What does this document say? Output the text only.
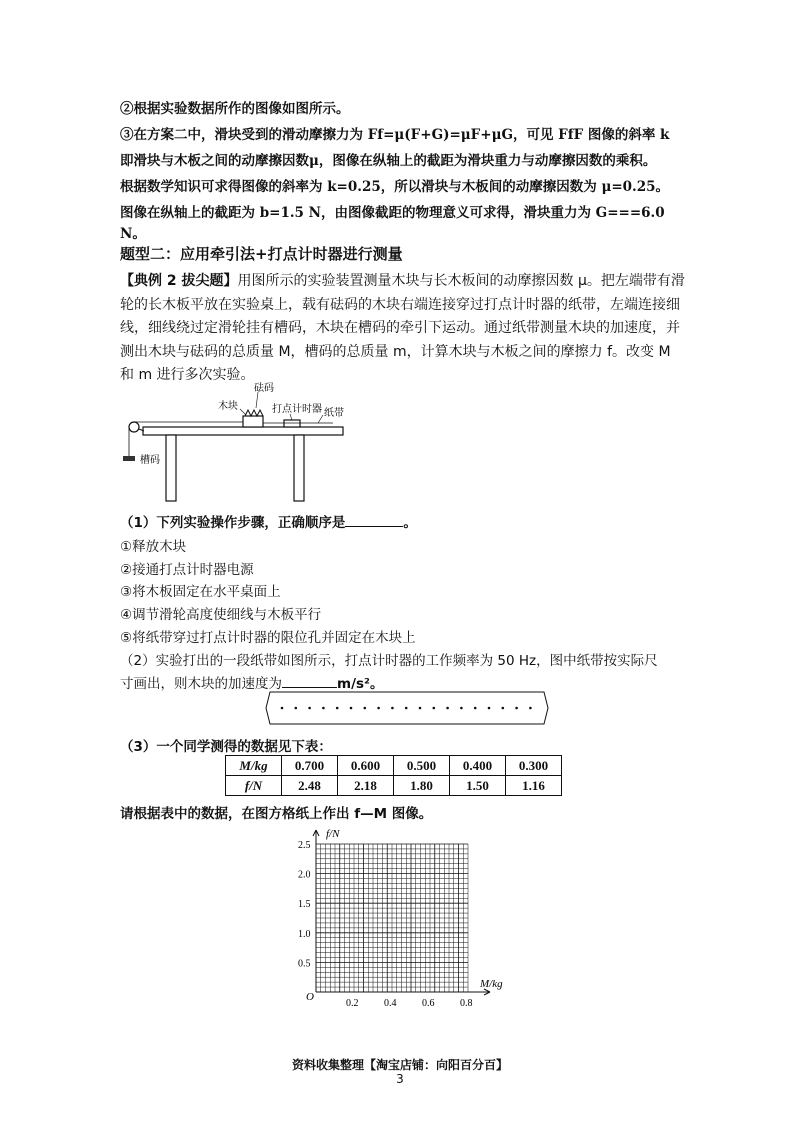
②根据实验数据所作的图像如图所示。
③在方案二中，滑块受到的滑动摩擦力为 Ff=μ(F+G)=μF+μG，可见 FfF 图像的斜率 k
即滑块与木板之间的动摩擦因数μ，图像在纵轴上的截距为滑块重力与动摩擦因数的乘积。
根据数学知识可求得图像的斜率为 k=0.25，所以滑块与木板间的动摩擦因数为 μ=0.25。
图像在纵轴上的截距为 b=1.5 N，由图像截距的物理意义可求得，滑块重力为 G===6.0
N。
题型二：应用牵引法+打点计时器进行测量
【典例 2 拔尖题】用图所示的实验装置测量木块与长木板间的动摩擦因数 μ。把左端带有滑轮的长木板平放在实验桌上，载有砝码的木块右端连接穿过打点计时器的纸带，左端连接细线，细线绕过定滑轮挂有槽码，木块在槽码的牵引下运动。通过纸带测量木块的加速度，并测出木块与砝码的总质量 M，槽码的总质量 m，计算木块与木板之间的摩擦力 f。改变 M 和 m 进行多次实验。
砝码
木块	打点计时器 纸带
槽码
（1）下列实验操作步骤，正确顺序是	。
①释放木块
②接通打点计时器电源
③将木板固定在水平桌面上
④调节滑轮高度使细线与木板平行
⑤将纸带穿过打点计时器的限位孔并固定在木块上
（2）实验打出的一段纸带如图所示，打点计时器的工作频率为 50 Hz，图中纸带按实际尺
寸画出，则木块的加速度为	m/s²。
（3）一个同学测得的数据见下表：
M/kg	0.700	0.600	0.500	0.400	0.300
f/N	2.48	2.18	1.80	1.50	1.16
请根据表中的数据，在图方格纸上作出 f—M 图像。
0.2	0.4	0.6	0.8
0.5
1.0
1.5
2.0
2.5
f/N
M/kg
O
资料收集整理【淘宝店铺：向阳百分百】
3
